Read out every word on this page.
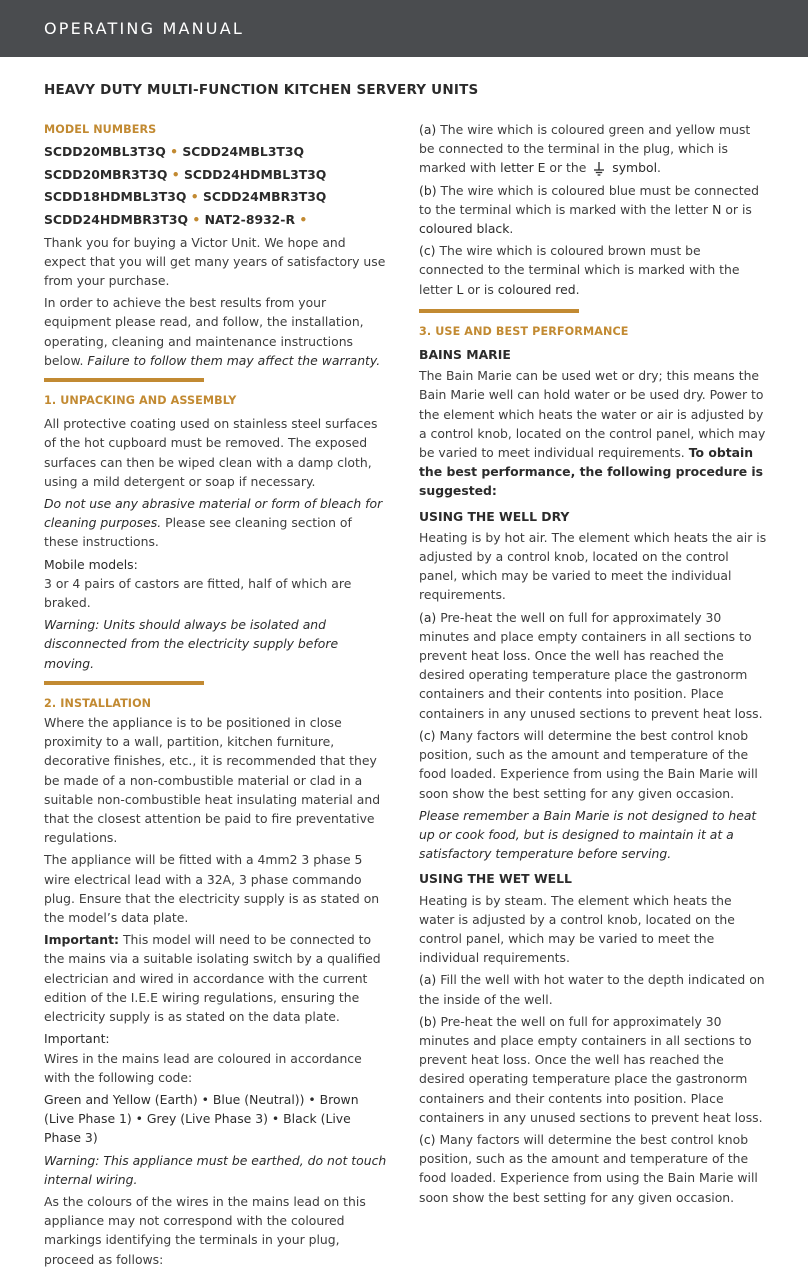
OPERATING MANUAL
HEAVY DUTY MULTI-FUNCTION KITCHEN SERVERY UNITS

MODEL NUMBERS

SCDD20MBL3T3Q • SCDD24MBL3T3Q
SCDD20MBR3T3Q • SCDD24HDMBL3T3Q
SCDD18HDMBL3T3Q • SCDD24MBR3T3Q
SCDD24HDMBR3T3Q • NAT2-8932-R •

Thank you for buying a Victor Unit. We hope and expect that you will get many years of satisfactory use from your purchase.

In order to achieve the best results from your equipment please read, and follow, the installation, operating, cleaning and maintenance instructions below. Failure to follow them may affect the warranty.

1. UNPACKING AND ASSEMBLY

All protective coating used on stainless steel surfaces of the hot cupboard must be removed. The exposed surfaces can then be wiped clean with a damp cloth, using a mild detergent or soap if necessary.

Do not use any abrasive material or form of bleach for cleaning purposes. Please see cleaning section of these instructions.

Mobile models:

3 or 4 pairs of castors are fitted, half of which are braked.

Warning: Units should always be isolated and disconnected from the electricity supply before moving.

2. INSTALLATION

Where the appliance is to be positioned in close proximity to a wall, partition, kitchen furniture, decorative finishes, etc., it is recommended that they be made of a non-combustible material or clad in a suitable non-combustible heat insulating material and that the closest attention be paid to fire preventative regulations.

The appliance will be fitted with a 4mm2 3 phase 5 wire electrical lead with a 32A, 3 phase commando plug. Ensure that the electricity supply is as stated on the model’s data plate.

Important: This model will need to be connected to the mains via a suitable isolating switch by a qualified electrician and wired in accordance with the current edition of the I.E.E wiring regulations, ensuring the electricity supply is as stated on the data plate.

Important:

Wires in the mains lead are coloured in accordance with the following code:

Green and Yellow (Earth) • Blue (Neutral)) • Brown (Live Phase 1) • Grey (Live Phase 3) • Black (Live Phase 3)

Warning: This appliance must be earthed, do not touch internal wiring.

As the colours of the wires in the mains lead on this appliance may not correspond with the coloured markings identifying the terminals in your plug, proceed as follows:

(a) The wire which is coloured green and yellow must be connected to the terminal in the plug, which is marked with letter E or the symbol.

(b) The wire which is coloured blue must be connected to the terminal which is marked with the letter N or is coloured black.

(c) The wire which is coloured brown must be connected to the terminal which is marked with the letter L or is coloured red.

3. USE AND BEST PERFORMANCE

BAINS MARIE

The Bain Marie can be used wet or dry; this means the Bain Marie well can hold water or be used dry. Power to the element which heats the water or air is adjusted by a control knob, located on the control panel, which may be varied to meet individual requirements. To obtain the best performance, the following procedure is suggested:

USING THE WELL DRY

Heating is by hot air. The element which heats the air is adjusted by a control knob, located on the control panel, which may be varied to meet the individual requirements.

(a) Pre-heat the well on full for approximately 30 minutes and place empty containers in all sections to prevent heat loss. Once the well has reached the desired operating temperature place the gastronorm containers and their contents into position. Place containers in any unused sections to prevent heat loss.

(c) Many factors will determine the best control knob position, such as the amount and temperature of the food loaded. Experience from using the Bain Marie will soon show the best setting for any given occasion.

Please remember a Bain Marie is not designed to heat up or cook food, but is designed to maintain it at a satisfactory temperature before serving.

USING THE WET WELL

Heating is by steam. The element which heats the water is adjusted by a control knob, located on the control panel, which may be varied to meet the individual requirements.

(a) Fill the well with hot water to the depth indicated on the inside of the well.

(b) Pre-heat the well on full for approximately 30 minutes and place empty containers in all sections to prevent heat loss. Once the well has reached the desired operating temperature place the gastronorm containers and their contents into position. Place containers in any unused sections to prevent heat loss.

(c) Many factors will determine the best control knob position, such as the amount and temperature of the food loaded. Experience from using the Bain Marie will soon show the best setting for any given occasion.
